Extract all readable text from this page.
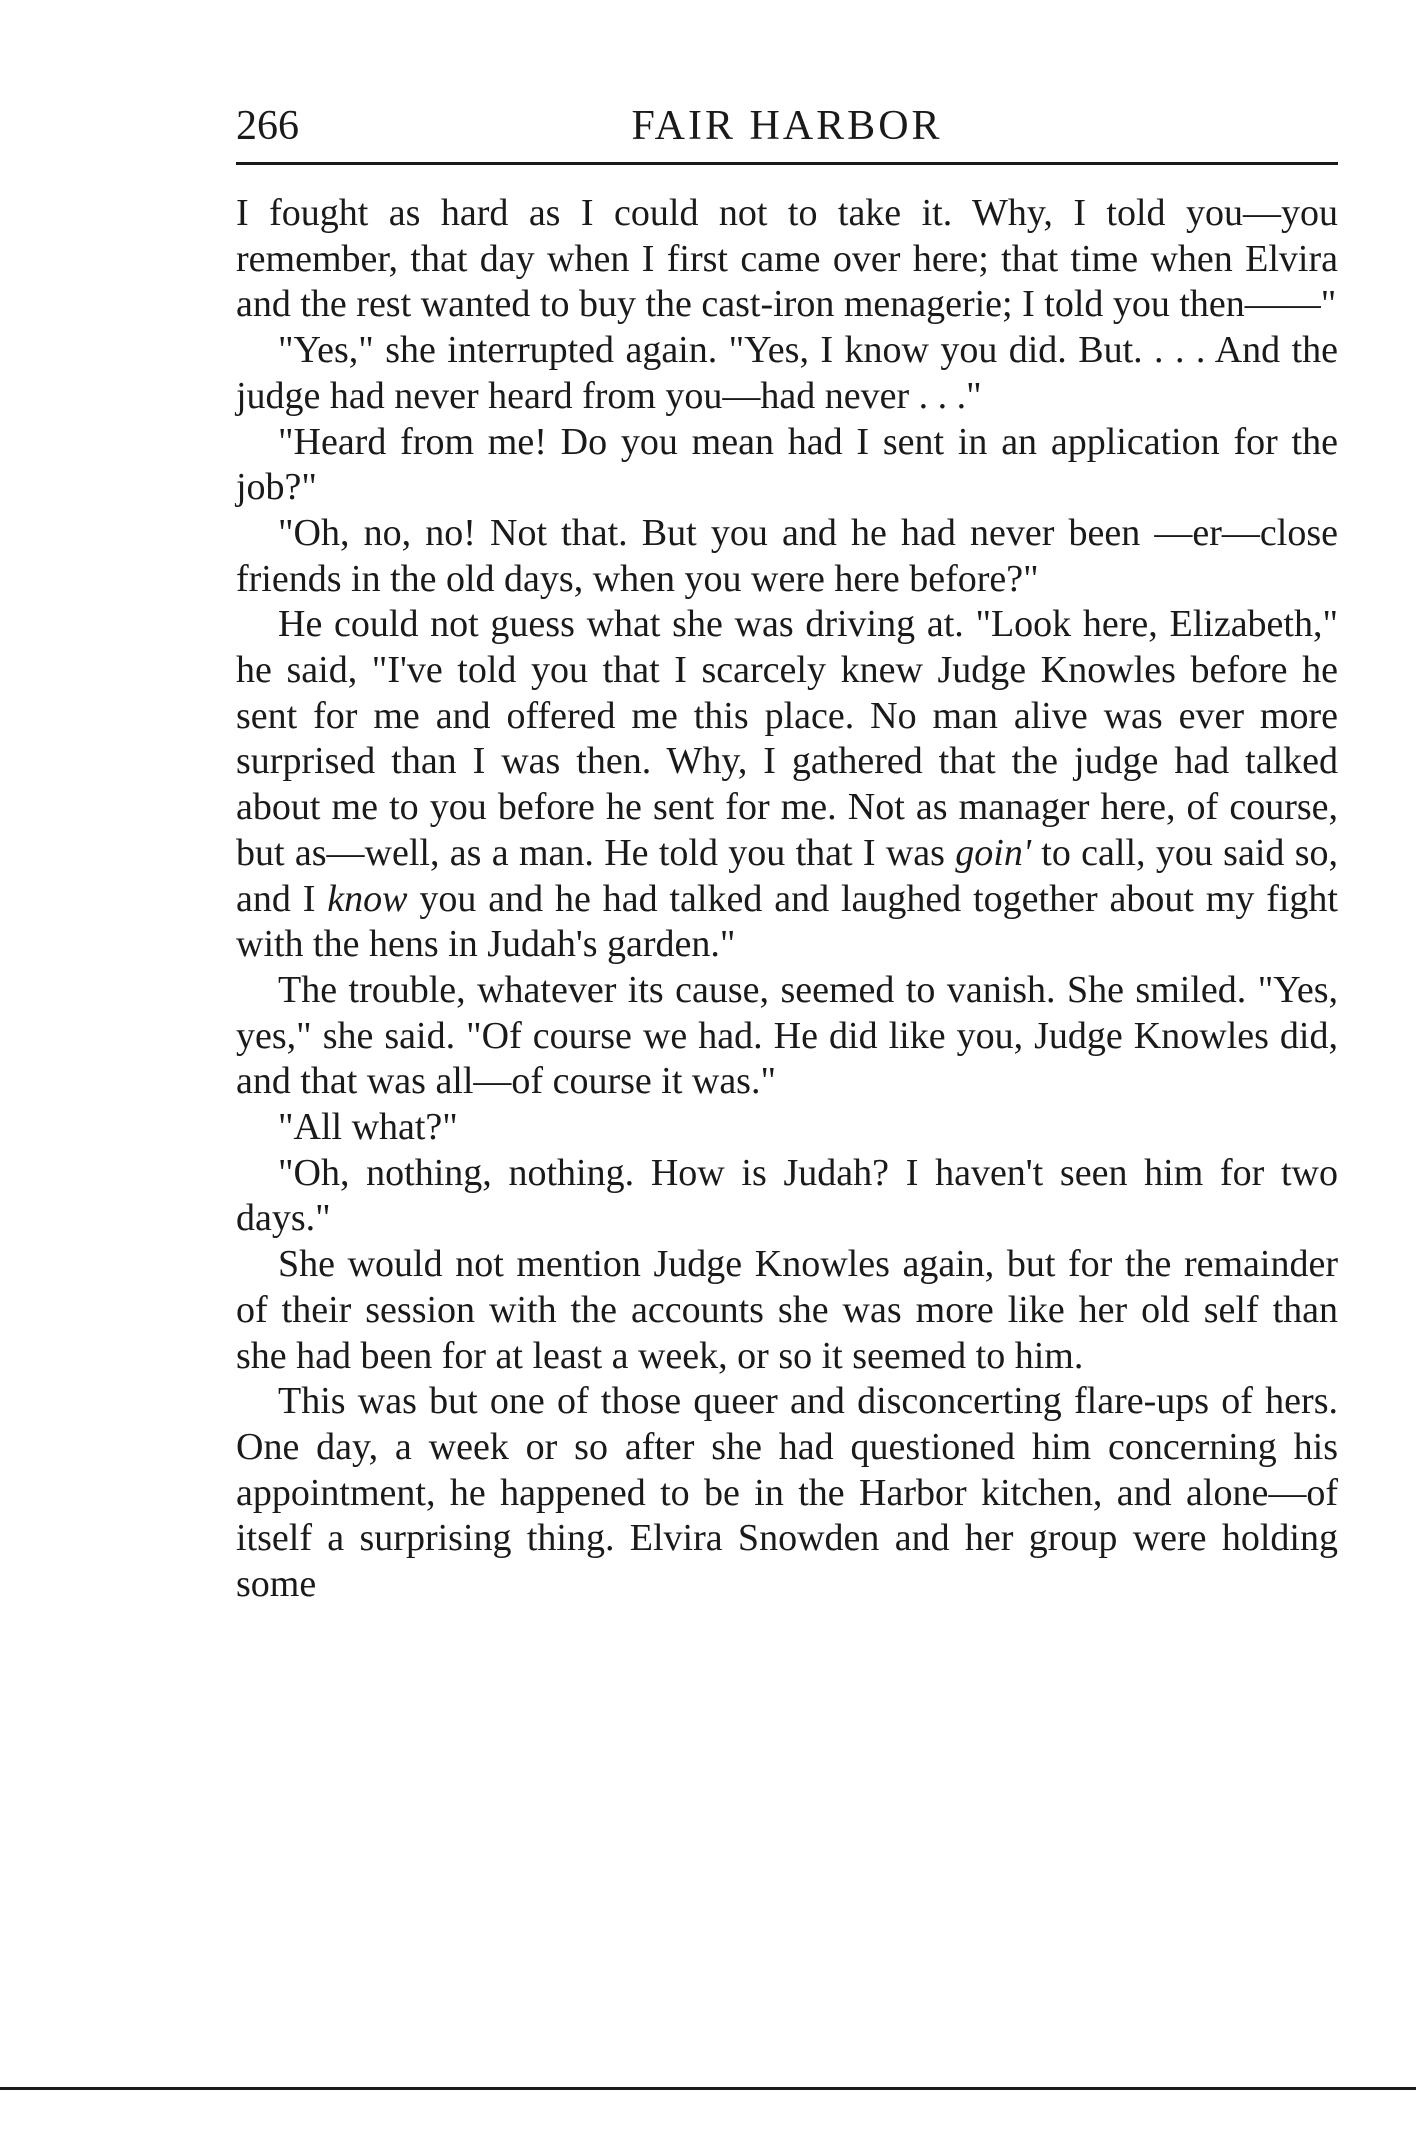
266	FAIR HARBOR

I fought as hard as I could not to take it. Why, I told you—you remember, that day when I first came over here; that time when Elvira and the rest wanted to buy the cast-iron menagerie; I told you then——"

"Yes," she interrupted again. "Yes, I know you did. But. . . . And the judge had never heard from you—had never . . ."

"Heard from me! Do you mean had I sent in an application for the job?"

"Oh, no, no! Not that. But you and he had never been —er—close friends in the old days, when you were here before?"

He could not guess what she was driving at. "Look here, Elizabeth," he said, "I've told you that I scarcely knew Judge Knowles before he sent for me and offered me this place. No man alive was ever more surprised than I was then. Why, I gathered that the judge had talked about me to you before he sent for me. Not as manager here, of course, but as—well, as a man. He told you that I was goin' to call, you said so, and I know you and he had talked and laughed together about my fight with the hens in Judah's garden."

The trouble, whatever its cause, seemed to vanish. She smiled. "Yes, yes," she said. "Of course we had. He did like you, Judge Knowles did, and that was all—of course it was."

"All what?"

"Oh, nothing, nothing. How is Judah? I haven't seen him for two days."

She would not mention Judge Knowles again, but for the remainder of their session with the accounts she was more like her old self than she had been for at least a week, or so it seemed to him.

This was but one of those queer and disconcerting flare-ups of hers. One day, a week or so after she had questioned him concerning his appointment, he happened to be in the Harbor kitchen, and alone—of itself a surprising thing. Elvira Snowden and her group were holding some
